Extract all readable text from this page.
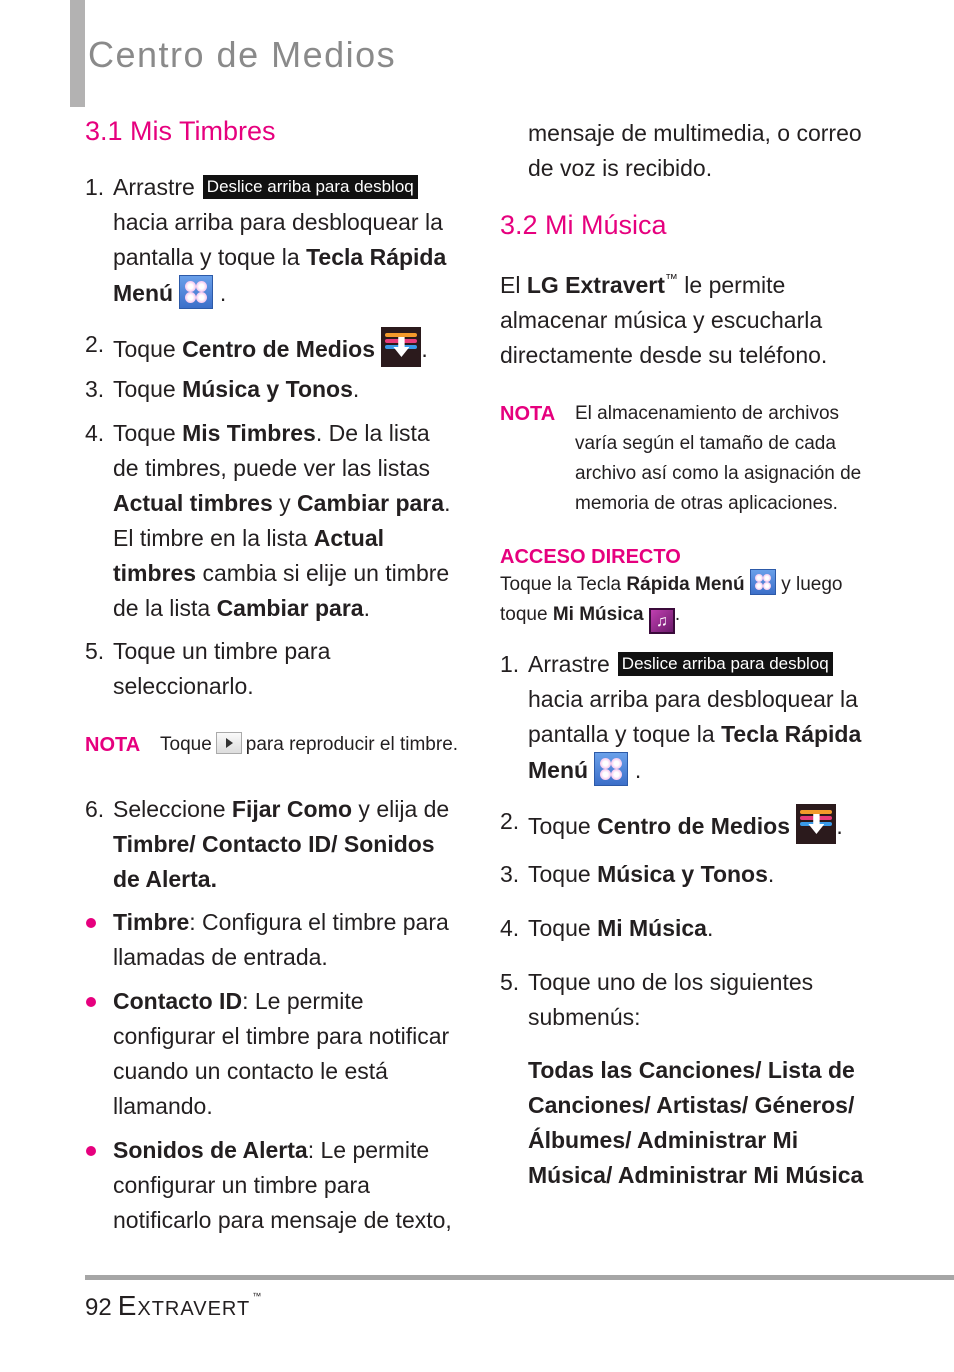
Centro de Medios
3.1 Mis Timbres
1. Arrastre Deslice arriba para desbloq
hacia arriba para desbloquear la pantalla y toque la Tecla Rápida Menú .
2. Toque Centro de Medios .
3. Toque Música y Tonos.
4. Toque Mis Timbres. De la lista de timbres, puede ver las listas Actual timbres y Cambiar para. El timbre en la lista Actual timbres cambia si elije un timbre de la lista Cambiar para.
5. Toque un timbre para seleccionarlo.
NOTA	Toque para reproducir el timbre.
6. Seleccione Fijar Como y elija de Timbre/ Contacto ID/ Sonidos de Alerta.
Timbre: Configura el timbre para llamadas de entrada.
Contacto ID: Le permite configurar el timbre para notificar cuando un contacto le está llamando.
Sonidos de Alerta: Le permite configurar un timbre para notificarlo para mensaje de texto,
mensaje de multimedia, o correo de voz is recibido.
3.2 Mi Música
El LG Extravert™ le permite almacenar música y escucharla directamente desde su teléfono.
NOTA	El almacenamiento de archivos varía según el tamaño de cada archivo así como la asignación de memoria de otras aplicaciones.
ACCESO DIRECTO
Toque la Tecla Rápida Menú
y luego toque Mi Música ♫ .
1. Arrastre Deslice arriba para desbloq
hacia arriba para desbloquear la pantalla y toque la Tecla Rápida Menú .
2. Toque Centro de Medios .
3. Toque Música y Tonos.
4. Toque Mi Música.
5. Toque uno de los siguientes submenús:
Todas las Canciones/ Lista de Canciones/ Artistas/ Géneros/ Álbumes/ Administrar Mi Música/ Administrar Mi Música
92 Extravert ™
